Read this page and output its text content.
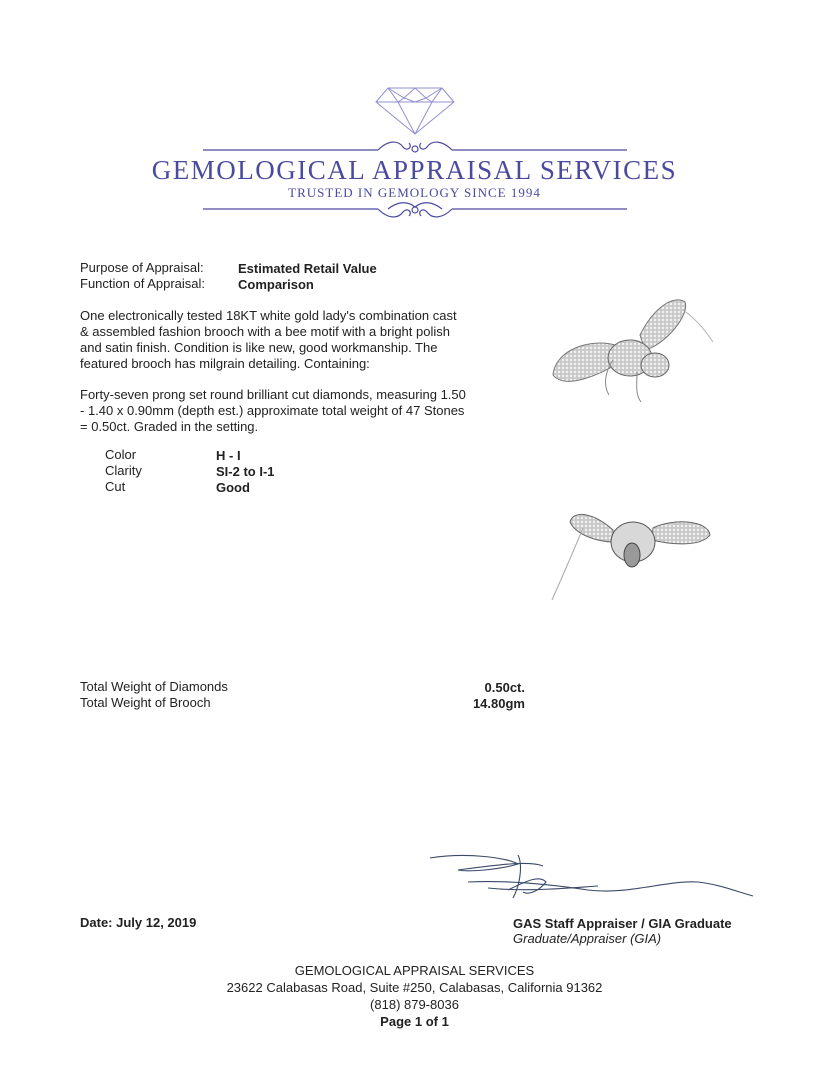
GEMOLOGICAL APPRAISAL SERVICES
TRUSTED IN GEMOLOGY SINCE 1994
Purpose of Appraisal:	Estimated Retail Value
Function of Appraisal:	Comparison
One electronically tested 18KT white gold lady's combination cast
& assembled fashion brooch with a bee motif with a bright polish
and satin finish. Condition is like new, good workmanship. The
featured brooch has milgrain detailing. Containing:
Forty-seven prong set round brilliant cut diamonds, measuring 1.50
- 1.40 x 0.90mm (depth est.) approximate total weight of 47 Stones
= 0.50ct. Graded in the setting.
Color	H - I
Clarity	SI-2 to I-1
Cut	Good
Total Weight of Diamonds	0.50ct.
Total Weight of Brooch	14.80gm
Date: July 12, 2019	GAS Staff Appraiser / GIA Graduate
Graduate/Appraiser (GIA)
GEMOLOGICAL APPRAISAL SERVICES
23622 Calabasas Road, Suite #250, Calabasas, California 91362
(818) 879-8036
Page 1 of 1
